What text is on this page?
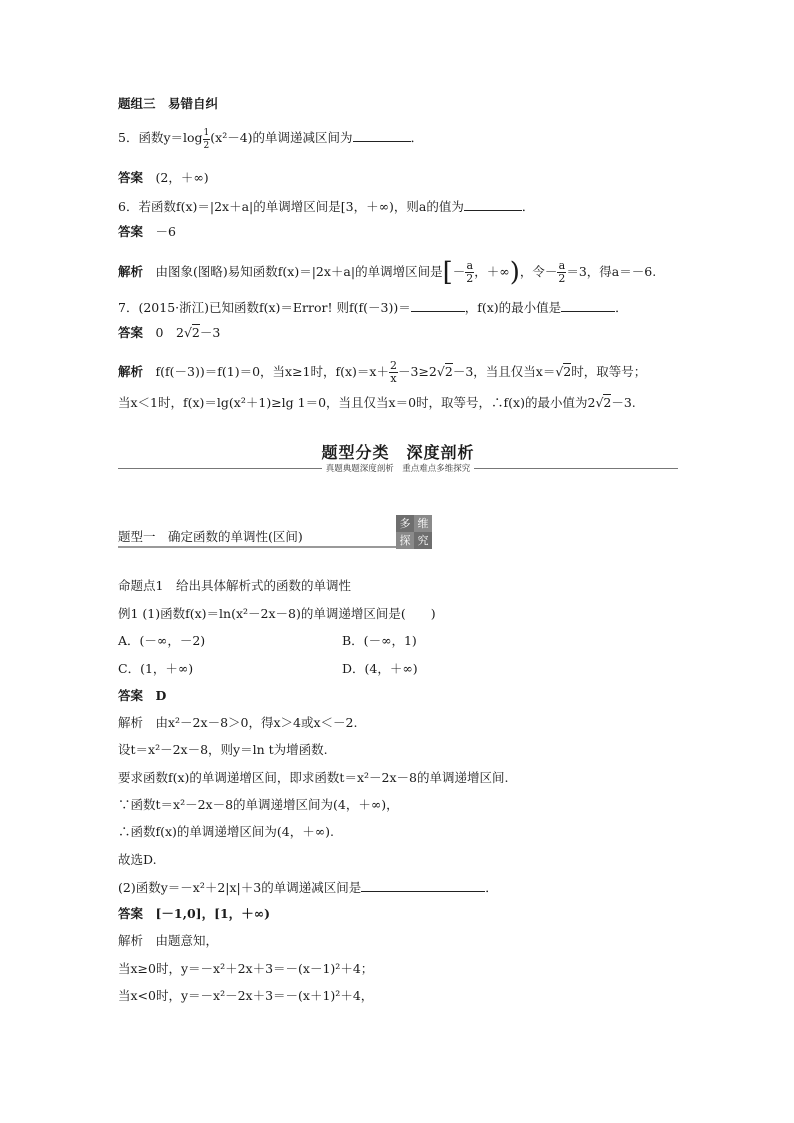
题组三　易错自纠
5．函数$y=\log \frac{1}{2} (x^2-4)$的单调递减区间为	．
答案　 (2，＋∞)
6．若函数f(x)＝|2x＋a|的单调增区间是[3，＋∞)，则a的值为	．
答案　 －6
解析　 由图象(图略)易知函数f(x)＝|2x＋a|的单调增区间是[－ $\frac{a}{2}$ ，＋∞)，令－ $\frac{a}{2} =3$，得a＝－6.
7．(2015·浙江)已知函数f(x)＝Error! 则f(f(－3))＝	，f(x)的最小值是	．
答案　 0　2√2－3
解析　 f(f(－3))＝f(1)＝0，当x≥1时，$f(x)=x+ \frac{2}{x} -3\ge 2√2-3$，当且仅当x＝√2时，取等号；
当x＜1时，f(x)＝lg(x²＋1)≥lg 1＝0，当且仅当x＝0时，取等号，∴f(x)的最小值为2√2－3.
题型分类　深度剖析
真题典题深度剖析　重点难点多维探究
题型一　确定函数的单调性(区间)
多 维
探 究
命题点1　给出具体解析式的函数的单调性
例1 (1)函数f(x)＝ln(x²－2x－8)的单调递增区间是(　　)
A．(－∞，－2)	B．(－∞，1)
C．(1，＋∞)	D．(4，＋∞)
答案　D
解析　由x²－2x－8＞0，得x＞4或x＜－2.
设t＝x²－2x－8，则y＝ln t为增函数.
要求函数f(x)的单调递增区间，即求函数t＝x²－2x－8的单调递增区间.
∵函数t＝x²－2x－8的单调递增区间为(4，＋∞)，
∴函数f(x)的单调递增区间为(4，＋∞).
故选D.
(2)函数y＝－x²＋2|x|＋3的单调递减区间是	．
答案　[－1,0]，[1，＋∞)
解析　由题意知，
当x≥0时，y＝－x²＋2x＋3＝－(x－1)²＋4；
当x<0时，y＝－x²－2x＋3＝－(x＋1)²＋4，
